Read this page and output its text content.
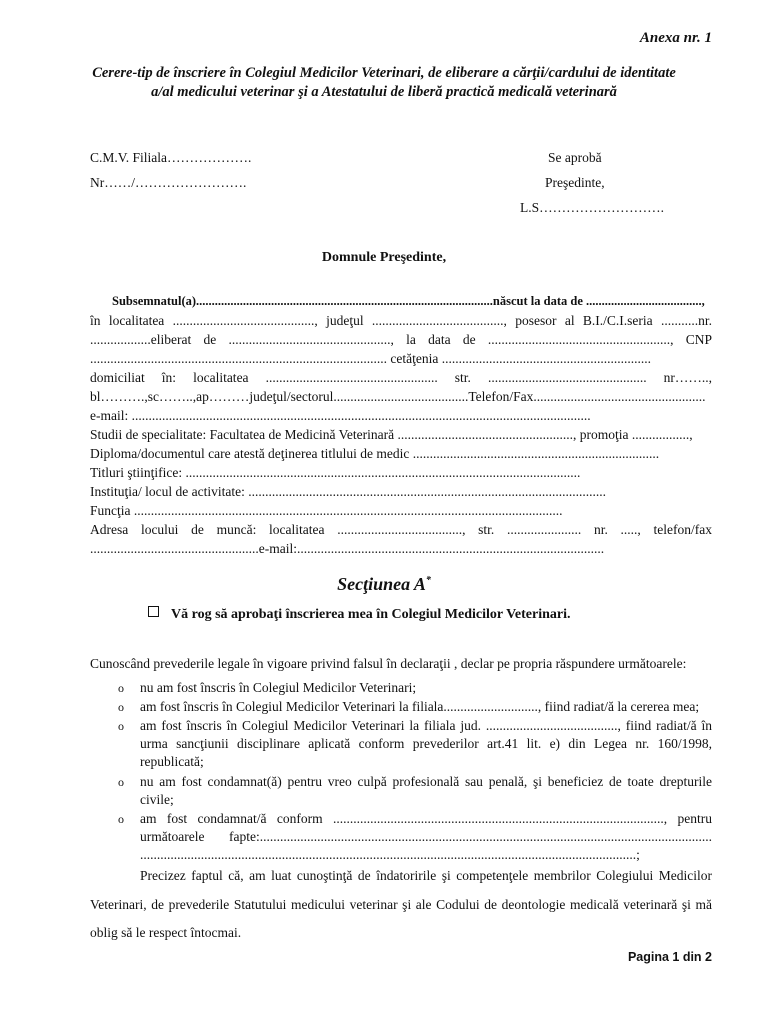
Anexa nr. 1
Cerere-tip de înscriere în Colegiul Medicilor Veterinari, de eliberare a cărţii/cardului de identitate
a/al medicului veterinar şi a Atestatului de liberă practică medicală veterinară
C.M.V. Filiala……………….
Nr……/…………………….
Se aprobă
Preşedinte,
L.S……………………….
Domnule Preşedinte,
Subsemnatul(a)...............................................................................................născut la data de .....................................,
în localitatea .........................................., judeţul ......................................., posesor al B.I./C.I.seria ...........nr.
..................eliberat de ................................................, la data de ......................................................, CNP
........................................................................................ cetăţenia ..............................................................
domiciliat în: localitatea ................................................... str. ............................................... nr……..,
bl……….,sc……..,ap………judeţul/sectorul........................................Telefon/Fax...................................................
e-mail: ........................................................................................................................................
Studii de specialitate: Facultatea de Medicină Veterinară ...................................................., promoţia .................,
Diploma/documentul care atestă deţinerea titlului de medic .........................................................................
Titluri ştiinţifice: .....................................................................................................................
Instituţia/ locul de activitate: ..........................................................................................................
Funcţia ...............................................................................................................................
Adresa locului de muncă: localitatea ....................................., str. ...................... nr. ....., telefon/fax
..................................................e-mail:...........................................................................................
Secţiunea A*
Vă rog să aprobaţi înscrierea mea în Colegiul Medicilor Veterinari.
Cunoscând prevederile legale în vigoare privind falsul în declaraţii , declar pe propria răspundere următoarele:
o nu am fost înscris în Colegiul Medicilor Veterinari;
o am fost înscris în Colegiul Medicilor Veterinari la filiala............................, fiind radiat/ă la cererea mea;
o am fost înscris în Colegiul Medicilor Veterinari la filiala jud. ......................................., fiind radiat/ă în urma sancţiunii disciplinare aplicată conform prevederilor art.41 lit. e) din Legea nr. 160/1998, republicată;
o nu am fost condamnat(ă) pentru vreo culpă profesională sau penală, şi beneficiez de toate drepturile civile;
o am fost condamnat/ă conform .................................................................................................., pentru următoarele fapte:...................................................................................................................................... ...................................................................................................................................................;
Precizez faptul că, am luat cunoştinţă de îndatoririle şi competenţele membrilor Colegiului Medicilor Veterinari, de prevederile Statutului medicului veterinar şi ale Codului de deontologie medicală veterinară şi mă oblig să le respect întocmai.
Pagina 1 din 2
